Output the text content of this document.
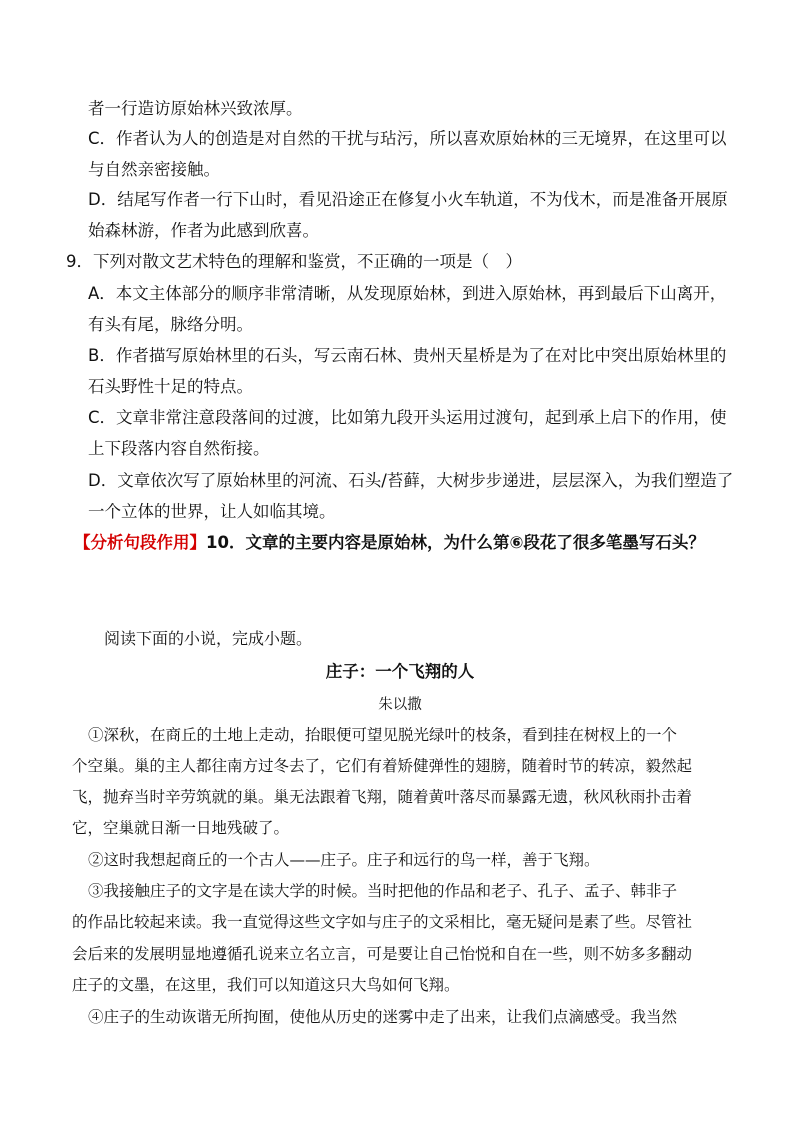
者一行造访原始林兴致浓厚。
C．作者认为人的创造是对自然的干扰与玷污，所以喜欢原始林的三无境界，在这里可以
与自然亲密接触。
D．结尾写作者一行下山时，看见沿途正在修复小火车轨道，不为伐木，而是准备开展原
始森林游，作者为此感到欣喜。
9．下列对散文艺术特色的理解和鉴赏，不正确的一项是（　）
A．本文主体部分的顺序非常清晰，从发现原始林，到进入原始林，再到最后下山离开，
有头有尾，脉络分明。
B．作者描写原始林里的石头，写云南石林、贵州天星桥是为了在对比中突出原始林里的
石头野性十足的特点。
C．文章非常注意段落间的过渡，比如第九段开头运用过渡句，起到承上启下的作用，使
上下段落内容自然衔接。
D．文章依次写了原始林里的河流、石头/苔藓，大树步步递进，层层深入，为我们塑造了
一个立体的世界，让人如临其境。
【分析句段作用】10．文章的主要内容是原始林，为什么第⑥段花了很多笔墨写石头？
阅读下面的小说，完成小题。
庄子：一个飞翔的人
朱以撒
①深秋，在商丘的土地上走动，抬眼便可望见脱光绿叶的枝条，看到挂在树杈上的一个
个空巢。巢的主人都往南方过冬去了，它们有着矫健弹性的翅膀，随着时节的转凉，毅然起
飞，抛弃当时辛劳筑就的巢。巢无法跟着飞翔，随着黄叶落尽而暴露无遗，秋风秋雨扑击着
它，空巢就日渐一日地残破了。
②这时我想起商丘的一个古人——庄子。庄子和远行的鸟一样，善于飞翔。
③我接触庄子的文字是在读大学的时候。当时把他的作品和老子、孔子、孟子、韩非子
的作品比较起来读。我一直觉得这些文字如与庄子的文采相比，毫无疑问是素了些。尽管社
会后来的发展明显地遵循孔说来立名立言，可是要让自己怡悦和自在一些，则不妨多多翻动
庄子的文墨，在这里，我们可以知道这只大鸟如何飞翔。
④庄子的生动诙谐无所拘囿，使他从历史的迷雾中走了出来，让我们点滴感受。我当然
